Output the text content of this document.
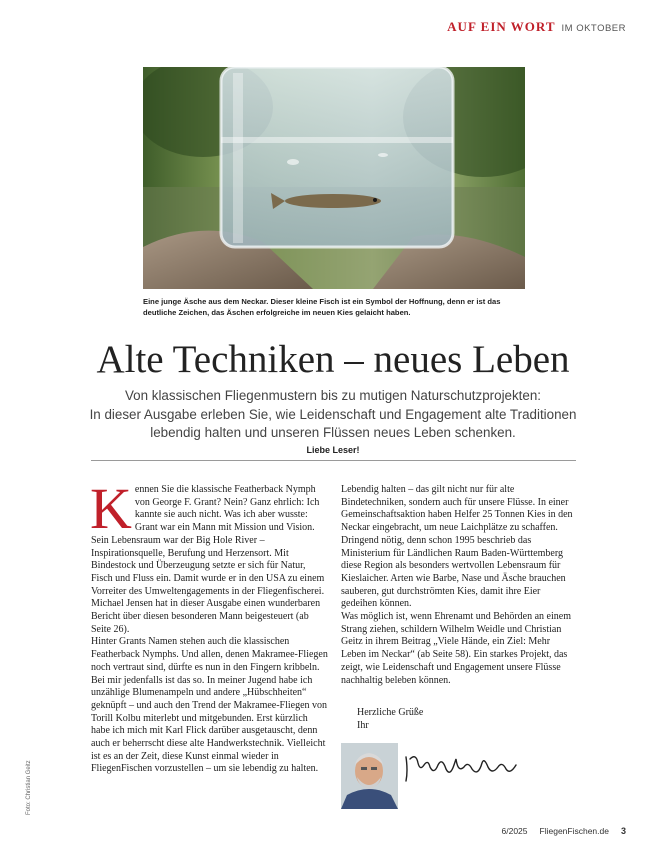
AUF EIN WORT IM OKTOBER
Eine junge Äsche aus dem Neckar. Dieser kleine Fisch ist ein Symbol der Hoffnung, denn er ist das deutliche Zeichen, das Äschen erfolgreiche im neuen Kies gelaicht haben.
Alte Techniken – neues Leben
Von klassischen Fliegenmustern bis zu mutigen Naturschutzprojekten:
In dieser Ausgabe erleben Sie, wie Leidenschaft und Engagement alte Traditionen
lebendig halten und unseren Flüssen neues Leben schenken.
Liebe Leser!
K ennen Sie die klassische Featherback Nymph von George F. Grant? Nein? Ganz ehrlich: Ich kannte sie auch nicht. Was ich aber wusste: Grant war ein Mann mit Mission und Vision. Sein Lebensraum war der Big Hole River – Inspirationsquelle, Berufung und Herzensort. Mit Bindestock und Überzeugung setzte er sich für Natur, Fisch und Fluss ein. Damit wurde er in den USA zu einem Vorreiter des Umweltengagements in der Fliegenfischerei.

Michael Jensen hat in dieser Ausgabe einen wunderbaren Bericht über diesen besonderen Mann beigesteuert (ab Seite 26).

Hinter Grants Namen stehen auch die klassischen Featherback Nymphs. Und allen, denen Makramee-Fliegen noch vertraut sind, dürfte es nun in den Fingern kribbeln. Bei mir jedenfalls ist das so. In meiner Jugend habe ich unzählige Blumenampeln und andere „Hübschheiten“ geknüpft – und auch den Trend der Makramee-Fliegen von Torill Kolbu miterlebt und mitgebunden. Erst kürzlich habe ich mich mit Karl Flick darüber ausgetauscht, denn auch er beherrscht diese alte Handwerkstechnik. Vielleicht ist es an der Zeit, diese Kunst einmal wieder in FliegenFischen vorzustellen – um sie lebendig zu halten.

Lebendig halten – das gilt nicht nur für alte Bindetechniken, sondern auch für unsere Flüsse. In einer Gemeinschaftsaktion haben Helfer 25 Tonnen Kies in den Neckar eingebracht, um neue Laichplätze zu schaffen. Dringend nötig, denn schon 1995 beschrieb das Ministerium für Ländlichen Raum Baden-Württemberg diese Region als besonders wertvollen Lebensraum für Kieslaicher. Arten wie Barbe, Nase und Äsche brauchen sauberen, gut durchströmten Kies, damit ihre Eier gedeihen können.

Was möglich ist, wenn Ehrenamt und Behörden an einem Strang ziehen, schildern Wilhelm Weidle und Christian Geitz in ihrem Beitrag „Viele Hände, ein Ziel: Mehr Leben im Neckar“ (ab Seite 58). Ein starkes Projekt, das zeigt, wie Leidenschaft und Engagement unsere Flüsse nachhaltig beleben können.

Herzliche Grüße
Ihr
Foto: Christian Geitz
6/2025 FliegenFischen.de 3
